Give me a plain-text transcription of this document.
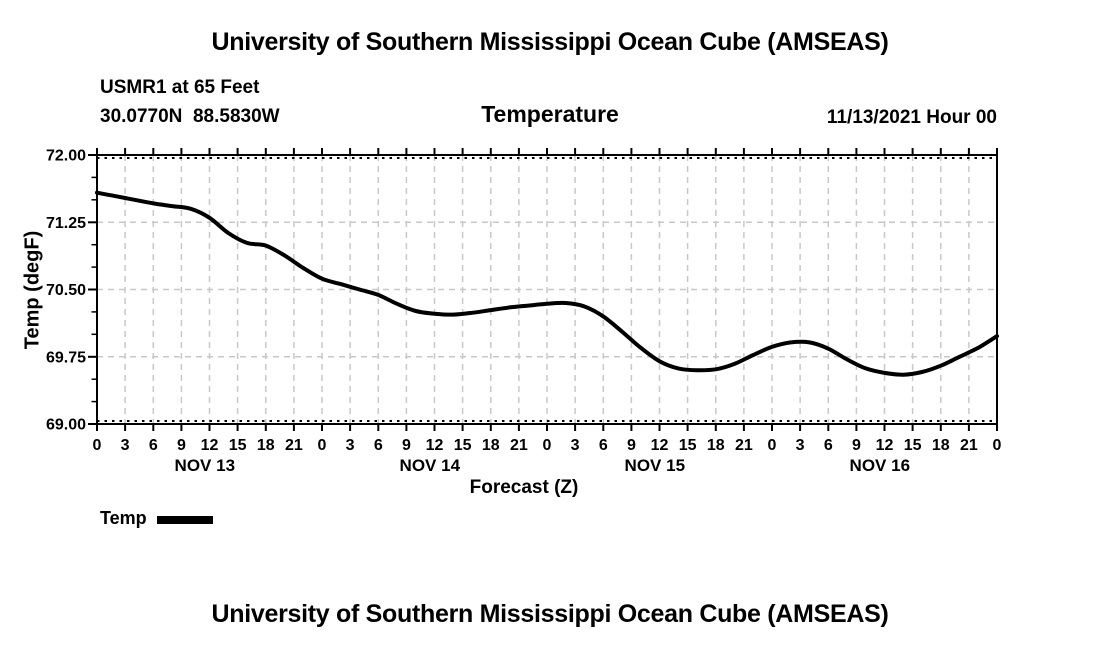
University of Southern Mississippi Ocean Cube (AMSEAS)
USMR1 at 65 Feet
30.0770N  88.5830W	Temperature	11/13/2021 Hour 00
Temp (degF)
0 3 6 9 12 15 18 21 0 3 6 9 12 15 18 21 0 3 6 9 12 15 18 21 0 3 6 9 12 15 18 21 0
69.00
69.75
70.50
71.25
72.00
NOV 13	NOV 14	NOV 15	NOV 16
Forecast (Z)
Temp
University of Southern Mississippi Ocean Cube (AMSEAS)
